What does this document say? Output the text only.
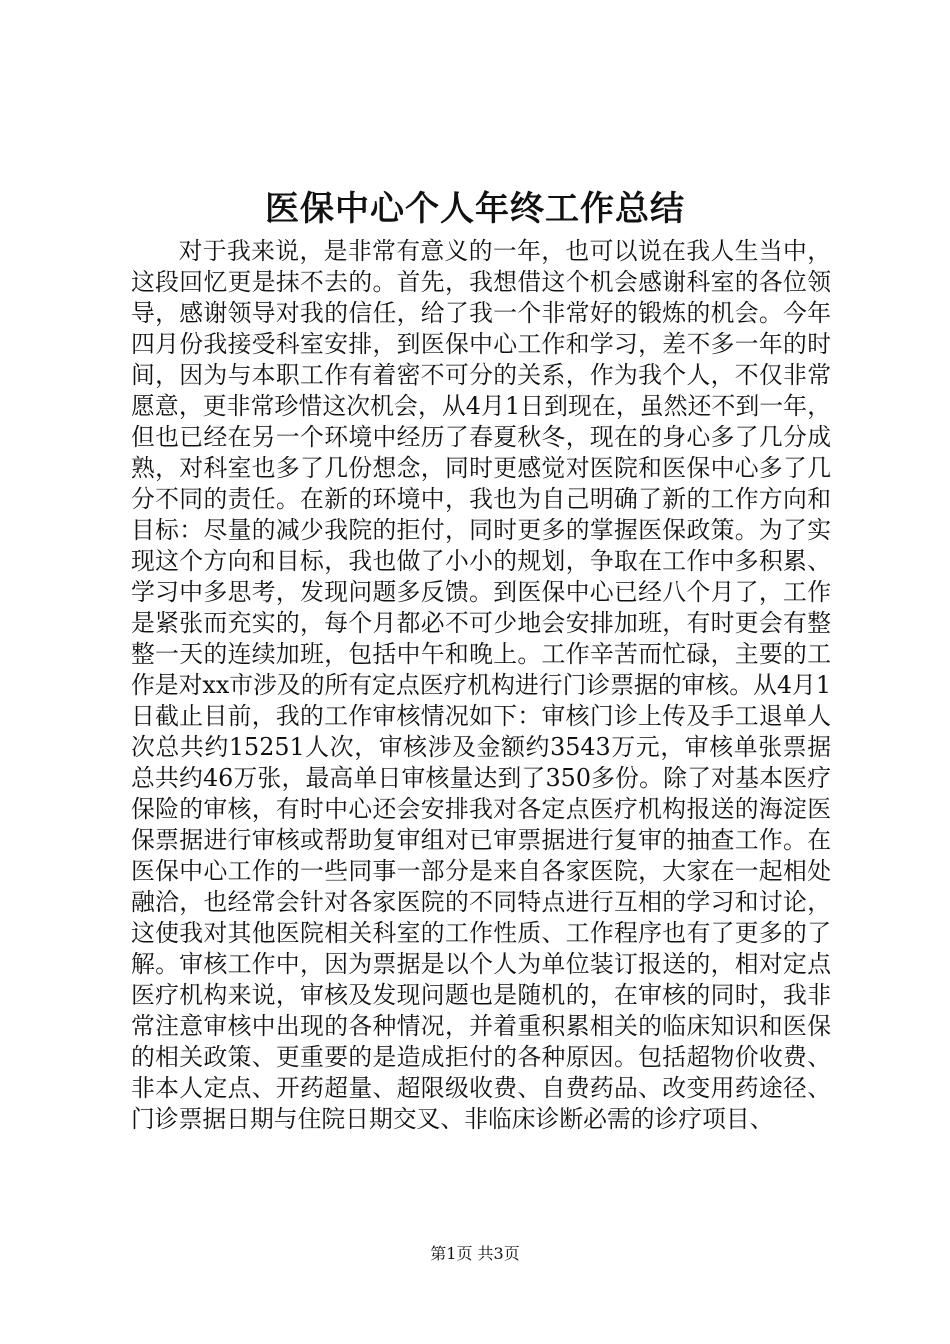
医保中心个人年终工作总结

对于我来说，是非常有意义的一年，也可以说在我人生当中，这段回忆更是抹不去的。首先，我想借这个机会感谢科室的各位领导，感谢领导对我的信任，给了我一个非常好的锻炼的机会。今年四月份我接受科室安排，到医保中心工作和学习，差不多一年的时间，因为与本职工作有着密不可分的关系，作为我个人，不仅非常愿意，更非常珍惜这次机会，从4月1日到现在，虽然还不到一年，但也已经在另一个环境中经历了春夏秋冬，现在的身心多了几分成熟，对科室也多了几份想念，同时更感觉对医院和医保中心多了几分不同的责任。在新的环境中，我也为自己明确了新的工作方向和目标：尽量的减少我院的拒付，同时更多的掌握医保政策。为了实现这个方向和目标，我也做了小小的规划，争取在工作中多积累、学习中多思考，发现问题多反馈。到医保中心已经八个月了，工作是紧张而充实的，每个月都必不可少地会安排加班，有时更会有整整一天的连续加班，包括中午和晚上。工作辛苦而忙碌，主要的工作是对xx市涉及的所有定点医疗机构进行门诊票据的审核。从4月1日截止目前，我的工作审核情况如下：审核门诊上传及手工退单人次总共约15251人次，审核涉及金额约3543万元，审核单张票据总共约46万张，最高单日审核量达到了350多份。除了对基本医疗保险的审核，有时中心还会安排我对各定点医疗机构报送的海淀医保票据进行审核或帮助复审组对已审票据进行复审的抽查工作。在医保中心工作的一些同事一部分是来自各家医院，大家在一起相处融洽，也经常会针对各家医院的不同特点进行互相的学习和讨论，这使我对其他医院相关科室的工作性质、工作程序也有了更多的了解。审核工作中，因为票据是以个人为单位装订报送的，相对定点医疗机构来说，审核及发现问题也是随机的，在审核的同时，我非常注意审核中出现的各种情况，并着重积累相关的临床知识和医保的相关政策、更重要的是造成拒付的各种原因。包括超物价收费、非本人定点、开药超量、超限级收费、自费药品、改变用药途径、门诊票据日期与住院日期交叉、非临床诊断必需的诊疗项目、

第1页 共3页
